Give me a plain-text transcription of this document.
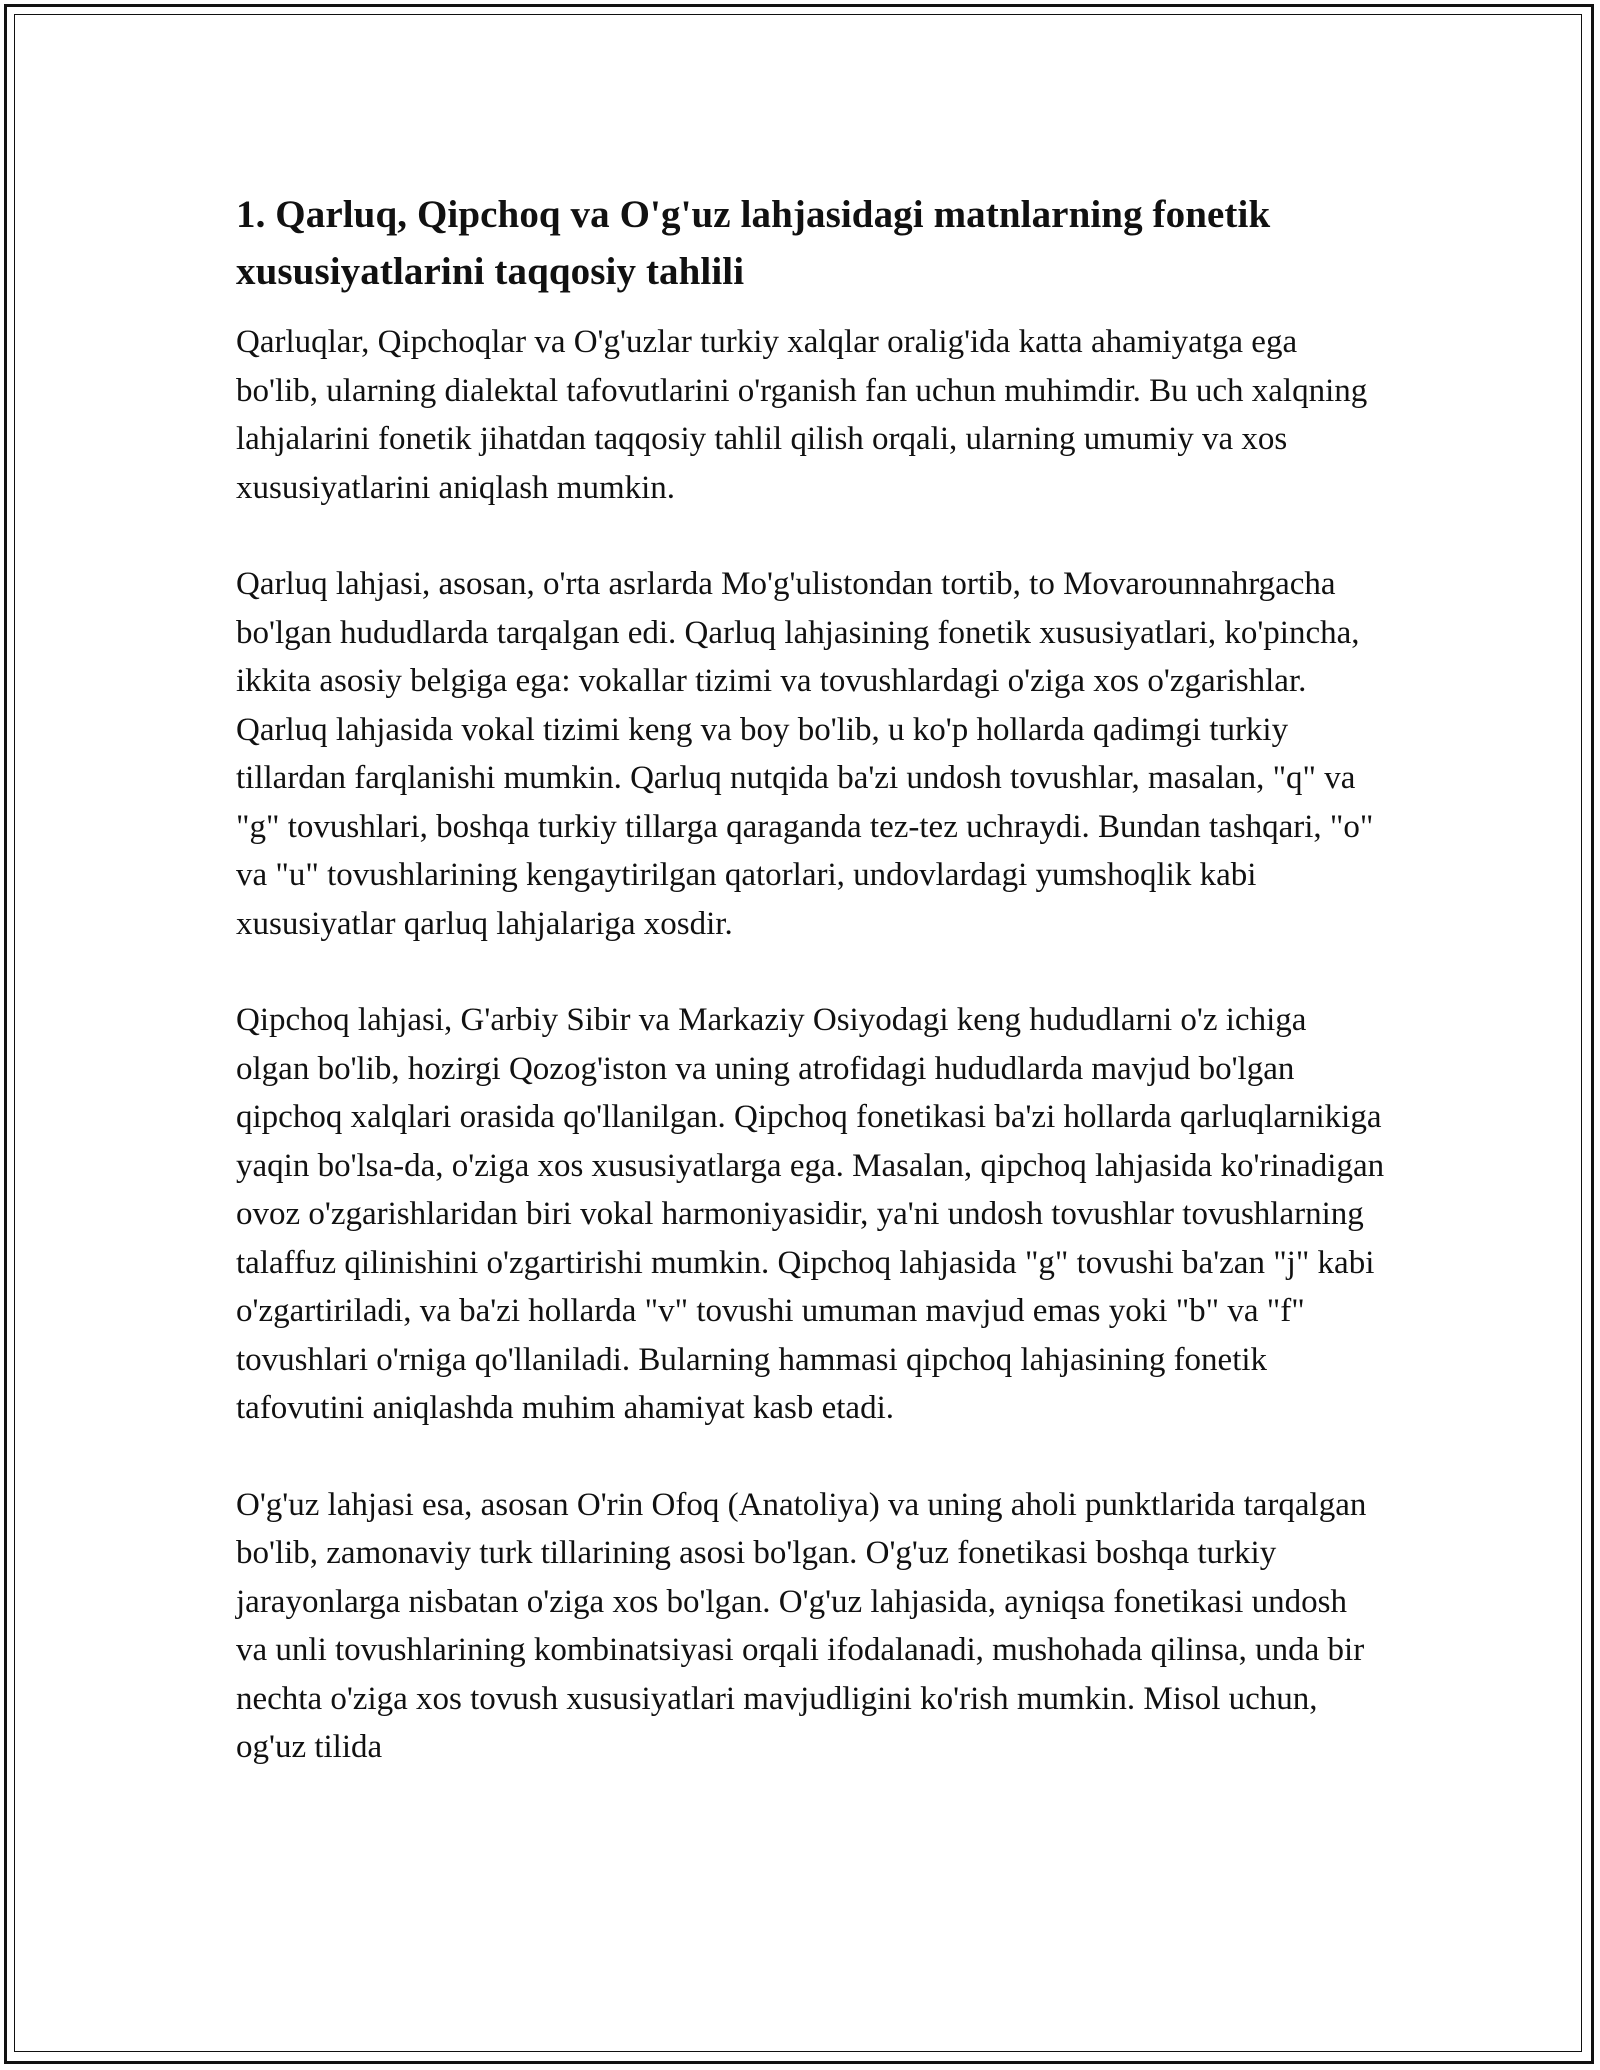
1. Qarluq, Qipchoq va O'g'uz lahjasidagi matnlarning fonetik xususiyatlarini taqqosiy tahlili

Qarluqlar, Qipchoqlar va O'g'uzlar turkiy xalqlar oralig'ida katta ahamiyatga ega bo'lib, ularning dialektal tafovutlarini o'rganish fan uchun muhimdir. Bu uch xalqning lahjalarini fonetik jihatdan taqqosiy tahlil qilish orqali, ularning umumiy va xos xususiyatlarini aniqlash mumkin.

Qarluq lahjasi, asosan, o'rta asrlarda Mo'g'ulistondan tortib, to Movarounnahrgacha bo'lgan hududlarda tarqalgan edi. Qarluq lahjasining fonetik xususiyatlari, ko'pincha, ikkita asosiy belgiga ega: vokallar tizimi va tovushlardagi o'ziga xos o'zgarishlar. Qarluq lahjasida vokal tizimi keng va boy bo'lib, u ko'p hollarda qadimgi turkiy tillardan farqlanishi mumkin. Qarluq nutqida ba'zi undosh tovushlar, masalan, "q" va "g" tovushlari, boshqa turkiy tillarga qaraganda tez-tez uchraydi. Bundan tashqari, "o" va "u" tovushlarining kengaytirilgan qatorlari, undovlardagi yumshoqlik kabi xususiyatlar qarluq lahjalariga xosdir.

Qipchoq lahjasi, G'arbiy Sibir va Markaziy Osiyodagi keng hududlarni o'z ichiga olgan bo'lib, hozirgi Qozog'iston va uning atrofidagi hududlarda mavjud bo'lgan qipchoq xalqlari orasida qo'llanilgan. Qipchoq fonetikasi ba'zi hollarda qarluqlarnikiga yaqin bo'lsa-da, o'ziga xos xususiyatlarga ega. Masalan, qipchoq lahjasida ko'rinadigan ovoz o'zgarishlaridan biri vokal harmoniyasidir, ya'ni undosh tovushlar tovushlarning talaffuz qilinishini o'zgartirishi mumkin. Qipchoq lahjasida "g" tovushi ba'zan "j" kabi o'zgartiriladi, va ba'zi hollarda "v" tovushi umuman mavjud emas yoki "b" va "f" tovushlari o'rniga qo'llaniladi. Bularning hammasi qipchoq lahjasining fonetik tafovutini aniqlashda muhim ahamiyat kasb etadi.

O'g'uz lahjasi esa, asosan O'rin Ofoq (Anatoliya) va uning aholi punktlarida tarqalgan bo'lib, zamonaviy turk tillarining asosi bo'lgan. O'g'uz fonetikasi boshqa turkiy jarayonlarga nisbatan o'ziga xos bo'lgan. O'g'uz lahjasida, ayniqsa fonetikasi undosh va unli tovushlarining kombinatsiyasi orqali ifodalanadi, mushohada qilinsa, unda bir nechta o'ziga xos tovush xususiyatlari mavjudligini ko'rish mumkin. Misol uchun, og'uz tilida
